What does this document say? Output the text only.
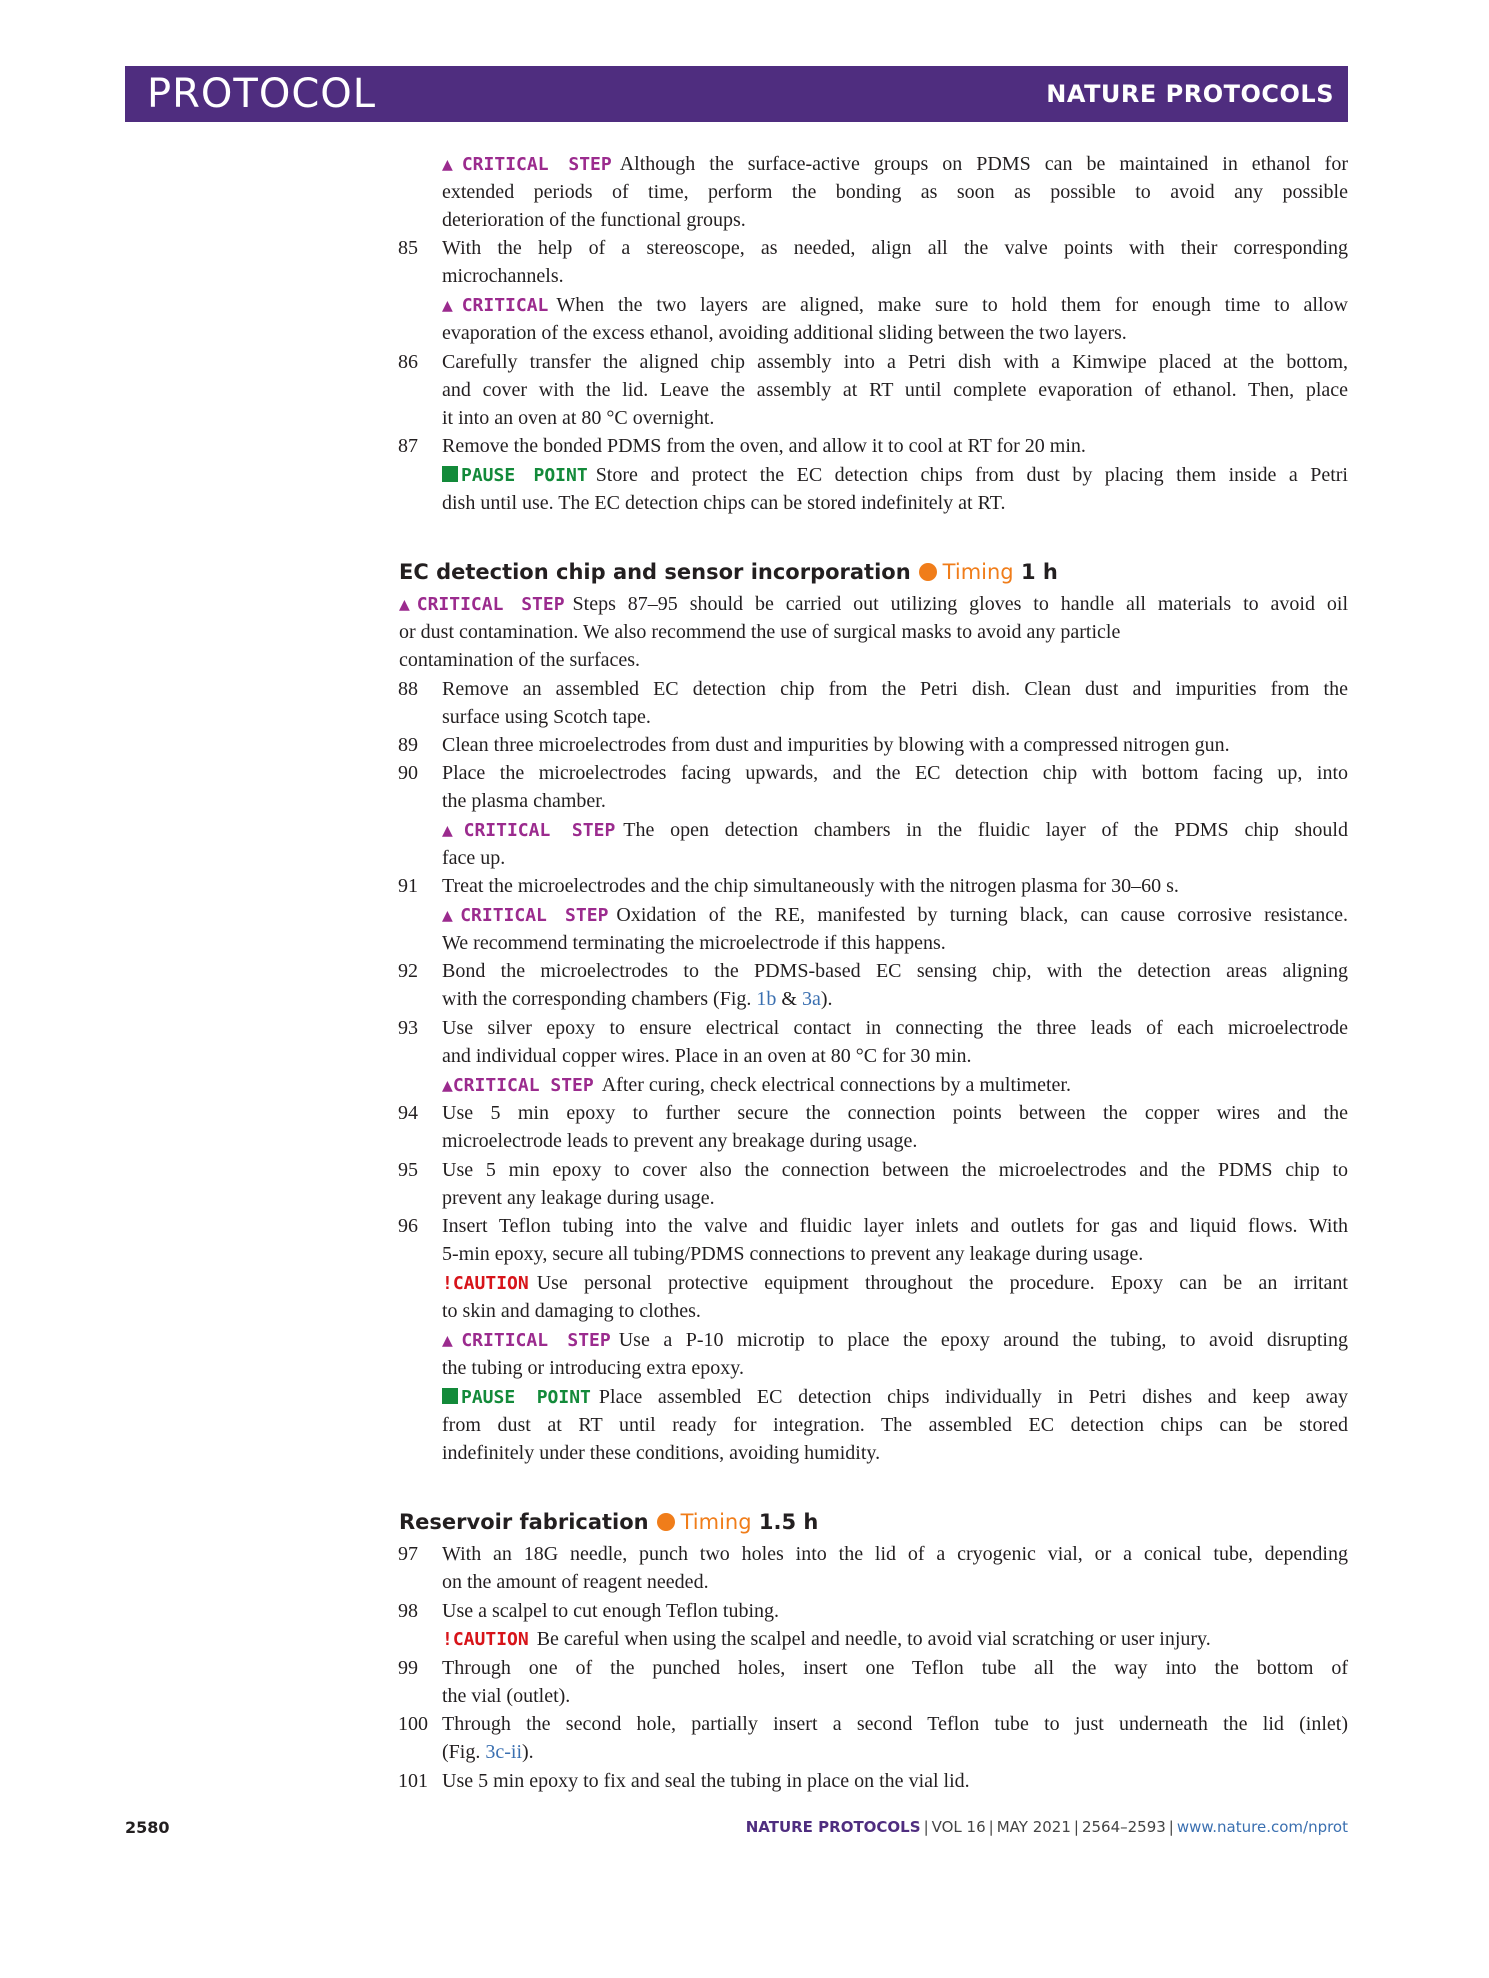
PROTOCOL	NATURE PROTOCOLS
▲CRITICAL STEP Although the surface-active groups on PDMS can be maintained in ethanol for
extended periods of time, perform the bonding as soon as possible to avoid any possible
deterioration of the functional groups.
85 With the help of a stereoscope, as needed, align all the valve points with their corresponding
microchannels.
▲CRITICAL When the two layers are aligned, make sure to hold them for enough time to allow
evaporation of the excess ethanol, avoiding additional sliding between the two layers.
86 Carefully transfer the aligned chip assembly into a Petri dish with a Kimwipe placed at the bottom,
and cover with the lid. Leave the assembly at RT until complete evaporation of ethanol. Then, place
it into an oven at 80 °C overnight.
87 Remove the bonded PDMS from the oven, and allow it to cool at RT for 20 min.
PAUSE POINT Store and protect the EC detection chips from dust by placing them inside a Petri
dish until use. The EC detection chips can be stored indefinitely at RT.
EC detection chip and sensor incorporation Timing 1 h
▲CRITICAL STEP Steps 87–95 should be carried out utilizing gloves to handle all materials to avoid oil
or dust contamination. We also recommend the use of surgical masks to avoid any particle
contamination of the surfaces.
88 Remove an assembled EC detection chip from the Petri dish. Clean dust and impurities from the
surface using Scotch tape.
89 Clean three microelectrodes from dust and impurities by blowing with a compressed nitrogen gun.
90 Place the microelectrodes facing upwards, and the EC detection chip with bottom facing up, into
the plasma chamber.
▲CRITICAL STEP The open detection chambers in the fluidic layer of the PDMS chip should
face up.
91 Treat the microelectrodes and the chip simultaneously with the nitrogen plasma for 30–60 s.
▲CRITICAL STEP Oxidation of the RE, manifested by turning black, can cause corrosive resistance.
We recommend terminating the microelectrode if this happens.
92 Bond the microelectrodes to the PDMS-based EC sensing chip, with the detection areas aligning
with the corresponding chambers (Fig. 1b & 3a).
93 Use silver epoxy to ensure electrical contact in connecting the three leads of each microelectrode
and individual copper wires. Place in an oven at 80 °C for 30 min.
▲CRITICAL STEP After curing, check electrical connections by a multimeter.
94 Use 5 min epoxy to further secure the connection points between the copper wires and the
microelectrode leads to prevent any breakage during usage.
95 Use 5 min epoxy to cover also the connection between the microelectrodes and the PDMS chip to
prevent any leakage during usage.
96 Insert Teflon tubing into the valve and fluidic layer inlets and outlets for gas and liquid flows. With
5-min epoxy, secure all tubing/PDMS connections to prevent any leakage during usage.
!CAUTION Use personal protective equipment throughout the procedure. Epoxy can be an irritant
to skin and damaging to clothes.
▲CRITICAL STEP Use a P-10 microtip to place the epoxy around the tubing, to avoid disrupting
the tubing or introducing extra epoxy.
PAUSE POINT Place assembled EC detection chips individually in Petri dishes and keep away
from dust at RT until ready for integration. The assembled EC detection chips can be stored
indefinitely under these conditions, avoiding humidity.
Reservoir fabrication Timing 1.5 h
97 With an 18G needle, punch two holes into the lid of a cryogenic vial, or a conical tube, depending
on the amount of reagent needed.
98 Use a scalpel to cut enough Teflon tubing.
!CAUTION Be careful when using the scalpel and needle, to avoid vial scratching or user injury.
99 Through one of the punched holes, insert one Teflon tube all the way into the bottom of
the vial (outlet).
100 Through the second hole, partially insert a second Teflon tube to just underneath the lid (inlet)
(Fig. 3c-ii).
101 Use 5 min epoxy to fix and seal the tubing in place on the vial lid.
2580	NATURE PROTOCOLS | VOL 16 | MAY 2021 | 2564–2593 | www.nature.com/nprot
